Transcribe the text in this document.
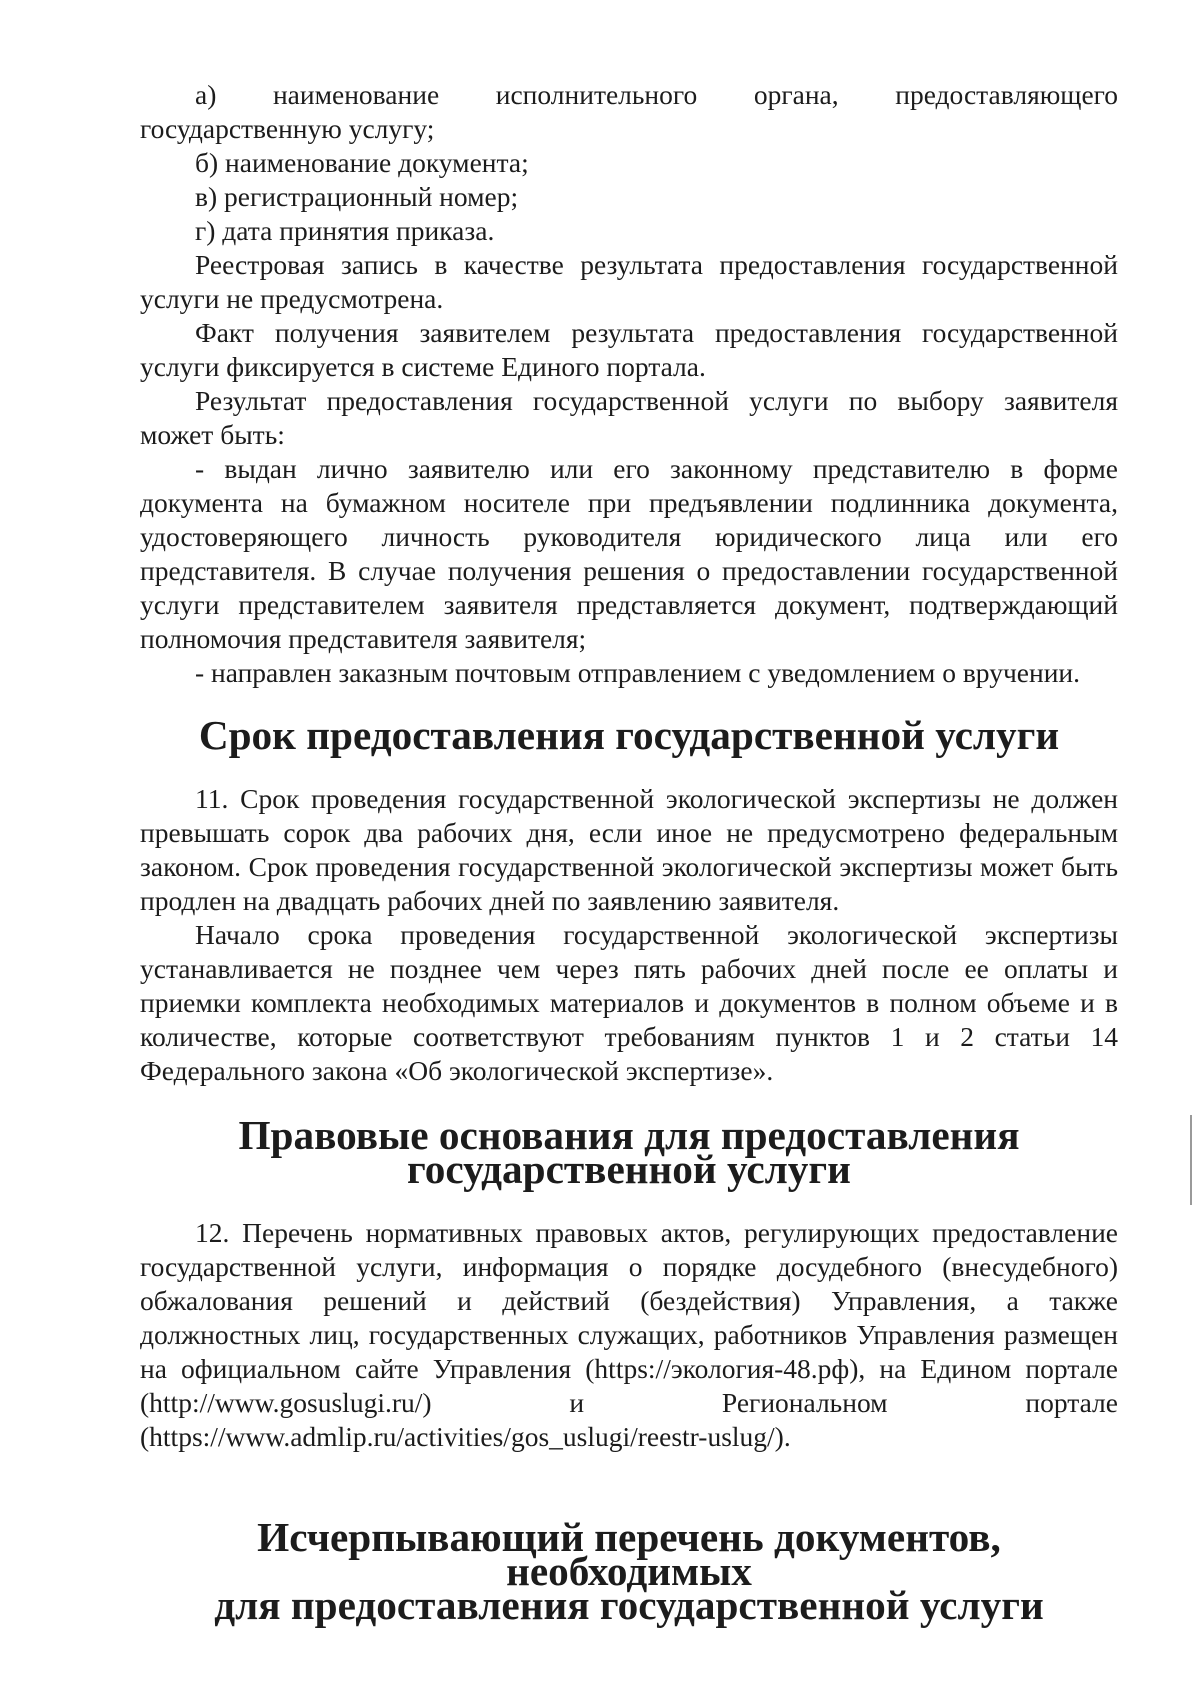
а) наименование исполнительного органа, предоставляющего государственную услугу;

б) наименование документа;

в) регистрационный номер;

г) дата принятия приказа.

Реестровая запись в качестве результата предоставления государственной услуги не предусмотрена.

Факт получения заявителем результата предоставления государственной услуги фиксируется в системе Единого портала.

Результат предоставления государственной услуги по выбору заявителя может быть:

- выдан лично заявителю или его законному представителю в форме документа на бумажном носителе при предъявлении подлинника документа, удостоверяющего личность руководителя юридического лица или его представителя. В случае получения решения о предоставлении государственной услуги представителем заявителя представляется документ, подтверждающий полномочия представителя заявителя;

- направлен заказным почтовым отправлением с уведомлением о вручении.

Срок предоставления государственной услуги

11. Срок проведения государственной экологической экспертизы не должен превышать сорок два рабочих дня, если иное не предусмотрено федеральным законом. Срок проведения государственной экологической экспертизы может быть продлен на двадцать рабочих дней по заявлению заявителя.

Начало срока проведения государственной экологической экспертизы устанавливается не позднее чем через пять рабочих дней после ее оплаты и приемки комплекта необходимых материалов и документов в полном объеме и в количестве, которые соответствуют требованиям пунктов 1 и 2 статьи 14 Федерального закона «Об экологической экспертизе».

Правовые основания для предоставления государственной услуги

12. Перечень нормативных правовых актов, регулирующих предоставление государственной услуги, информация о порядке досудебного (внесудебного) обжалования решений и действий (бездействия) Управления, а также должностных лиц, государственных служащих, работников Управления размещен на официальном сайте Управления (https://экология-48.рф), на Едином портале (http://www.gosuslugi.ru/) и Региональном портале (https://www.admlip.ru/activities/gos_uslugi/reestr-uslug/).

Исчерпывающий перечень документов, необходимых
для предоставления государственной услуги
